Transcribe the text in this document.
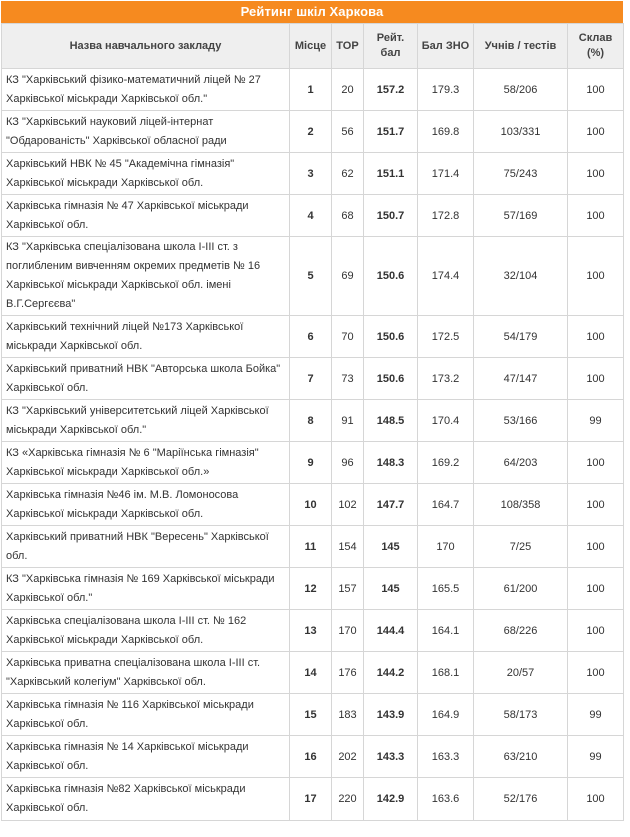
Рейтинг шкіл Харкова
Назва навчального закладу	Місце	TOP	Рейт. бал	Бал ЗНО	Учнів / тестів	Склав (%)
КЗ "Харківський фізико-математичний ліцей № 27 Харківської міськради Харківської обл."	1	20	157.2	179.3	58/206	100
КЗ "Харківський науковий ліцей-інтернат "Обдарованість" Харківської обласної ради	2	56	151.7	169.8	103/331	100
Харківський НВК № 45 "Академічна гімназія" Харківської міськради Харківської обл.	3	62	151.1	171.4	75/243	100
Харківська гімназія № 47 Харківської міськради Харківської обл.	4	68	150.7	172.8	57/169	100
КЗ "Харківська спеціалізована школа І-ІІІ ст. з поглибленим вивченням окремих предметів № 16 Харківської міськради Харківської обл. імені В.Г.Сергєєва"	5	69	150.6	174.4	32/104	100
Харківський технічний ліцей №173 Харківської міськради Харківської обл.	6	70	150.6	172.5	54/179	100
Харківський приватний НВК "Авторська школа Бойка" Харківської обл.	7	73	150.6	173.2	47/147	100
КЗ "Харківський університетський ліцей Харківської міськради Харківської обл."	8	91	148.5	170.4	53/166	99
КЗ «Харківська гімназія № 6 "Маріїнська гімназія" Харківської міськради Харківської обл.»	9	96	148.3	169.2	64/203	100
Харківська гімназія №46 ім. М.В. Ломоносова Харківської міськради Харківської обл.	10	102	147.7	164.7	108/358	100
Харківський приватний НВК "Вересень" Харківської обл.	11	154	145	170	7/25	100
КЗ "Харківська гімназія № 169 Харківської міськради Харківської обл."	12	157	145	165.5	61/200	100
Харківська спеціалізована школа І-ІІІ ст. № 162 Харківської міськради Харківської обл.	13	170	144.4	164.1	68/226	100
Харківська приватна спеціалізована школа І-ІІІ ст. "Харківський колегіум" Харківської обл.	14	176	144.2	168.1	20/57	100
Харківська гімназія № 116 Харківської міськради Харківської обл.	15	183	143.9	164.9	58/173	99
Харківська гімназія № 14 Харківської міськради Харківської обл.	16	202	143.3	163.3	63/210	99
Харківська гімназія №82 Харківської міськради Харківської обл.	17	220	142.9	163.6	52/176	100
